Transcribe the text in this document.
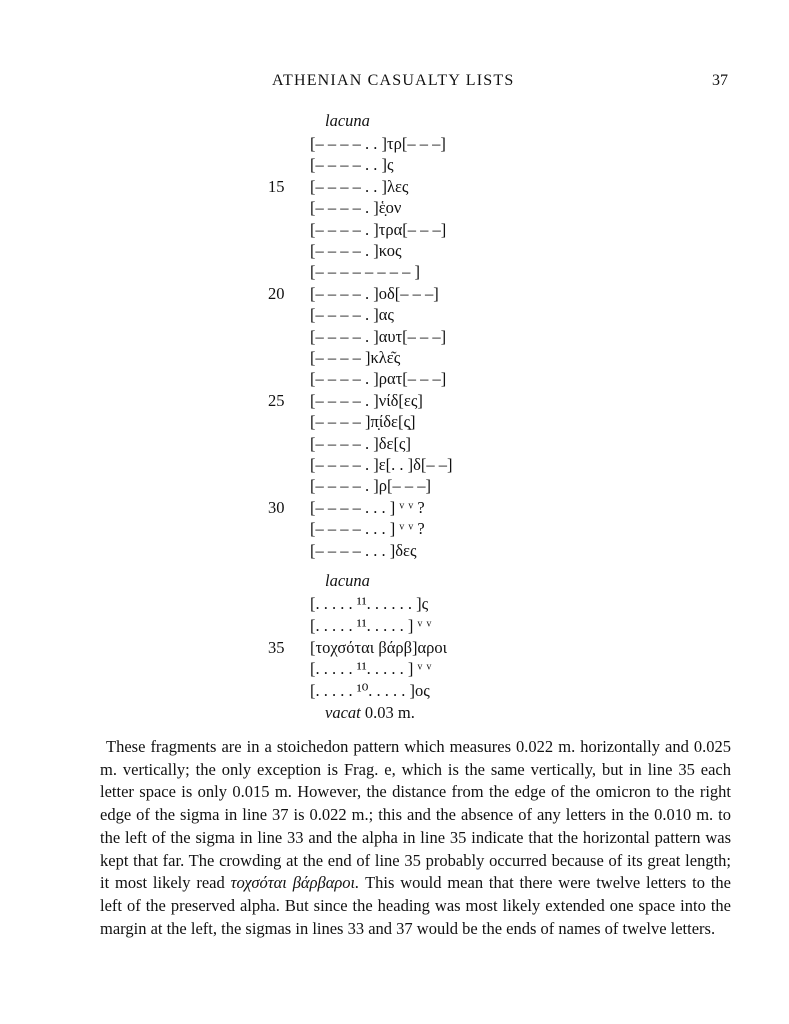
ATHENIAN CASUALTY LISTS	37
lacuna
[– – – – . . ]τρ[– – –]
[– – – – . . ]ς
15	[– – – – . . ]λες
[– – – – . ]ἑ̣ον
[– – – – . ]τρα[– – –]
[– – – – . ]κος
[– – – – – – – – ]
20	[– – – – . ]οδ[– – –]
[– – – – . ]ας
[– – – – . ]αυτ[– – –]
[– – – – ]κλε͂ς
[– – – – . ]ρατ[– – –]
25	[– – – – . ]νίδ[ες]
[– – – – ]π̣ίδε[ς̣]
[– – – – . ]δε[ς]
[– – – – . ]ε[. . ]δ[– –]
[– – – – . ]ρ[– – –]
30	[– – – – . . . ] ᵛ ᵛ ?
[– – – – . . . ] ᵛ ᵛ ?
[– – – – . . . ]δες
lacuna
[. . . . . ¹¹. . . . . . ]ς
[. . . . . ¹¹. . . . . ] ᵛ ᵛ
35	[τοχσόται βάρβ]αροι
[. . . . . ¹¹. . . . . ] ᵛ ᵛ
[. . . . . ¹⁰. . . . . ]ος
vacat 0.03 m.

These fragments are in a stoichedon pattern which measures 0.022 m. horizontally and 0.025 m. vertically; the only exception is Frag. e, which is the same vertically, but in line 35 each letter space is only 0.015 m. However, the distance from the edge of the omicron to the right edge of the sigma in line 37 is 0.022 m.; this and the absence of any letters in the 0.010 m. to the left of the sigma in line 33 and the alpha in line 35 indicate that the horizontal pattern was kept that far. The crowding at the end of line 35 probably occurred because of its great length; it most likely read τοχσόται βάρβαροι. This would mean that there were twelve letters to the left of the preserved alpha. But since the heading was most likely extended one space into the margin at the left, the sigmas in lines 33 and 37 would be the ends of names of twelve letters.
